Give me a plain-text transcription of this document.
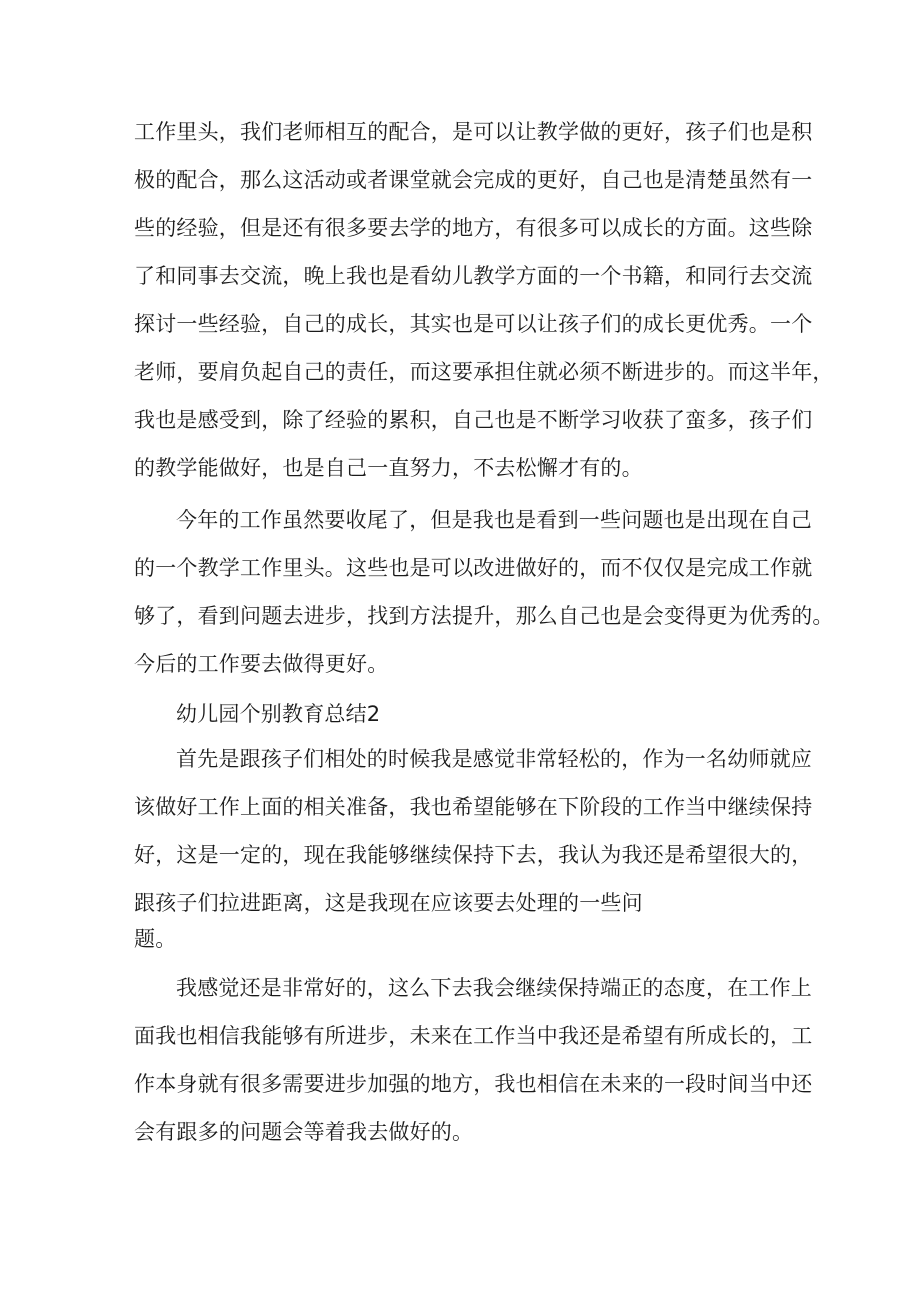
工作里头，我们老师相互的配合，是可以让教学做的更好，孩子们也是积

极的配合，那么这活动或者课堂就会完成的更好，自己也是清楚虽然有一

些的经验，但是还有很多要去学的地方，有很多可以成长的方面。这些除

了和同事去交流，晚上我也是看幼儿教学方面的一个书籍，和同行去交流

探讨一些经验，自己的成长，其实也是可以让孩子们的成长更优秀。一个

老师，要肩负起自己的责任，而这要承担住就必须不断进步的。而这半年，

我也是感受到，除了经验的累积，自己也是不断学习收获了蛮多，孩子们

的教学能做好，也是自己一直努力，不去松懈才有的。

今年的工作虽然要收尾了，但是我也是看到一些问题也是出现在自己

的一个教学工作里头。这些也是可以改进做好的，而不仅仅是完成工作就

够了，看到问题去进步，找到方法提升，那么自己也是会变得更为优秀的。

今后的工作要去做得更好。

幼儿园个别教育总结2

首先是跟孩子们相处的时候我是感觉非常轻松的，作为一名幼师就应

该做好工作上面的相关准备，我也希望能够在下阶段的工作当中继续保持

好，这是一定的，现在我能够继续保持下去，我认为我还是希望很大的，

跟孩子们拉进距离，这是我现在应该要去处理的一些问

题。

我感觉还是非常好的，这么下去我会继续保持端正的态度，在工作上

面我也相信我能够有所进步，未来在工作当中我还是希望有所成长的，工

作本身就有很多需要进步加强的地方，我也相信在未来的一段时间当中还

会有跟多的问题会等着我去做好的。
